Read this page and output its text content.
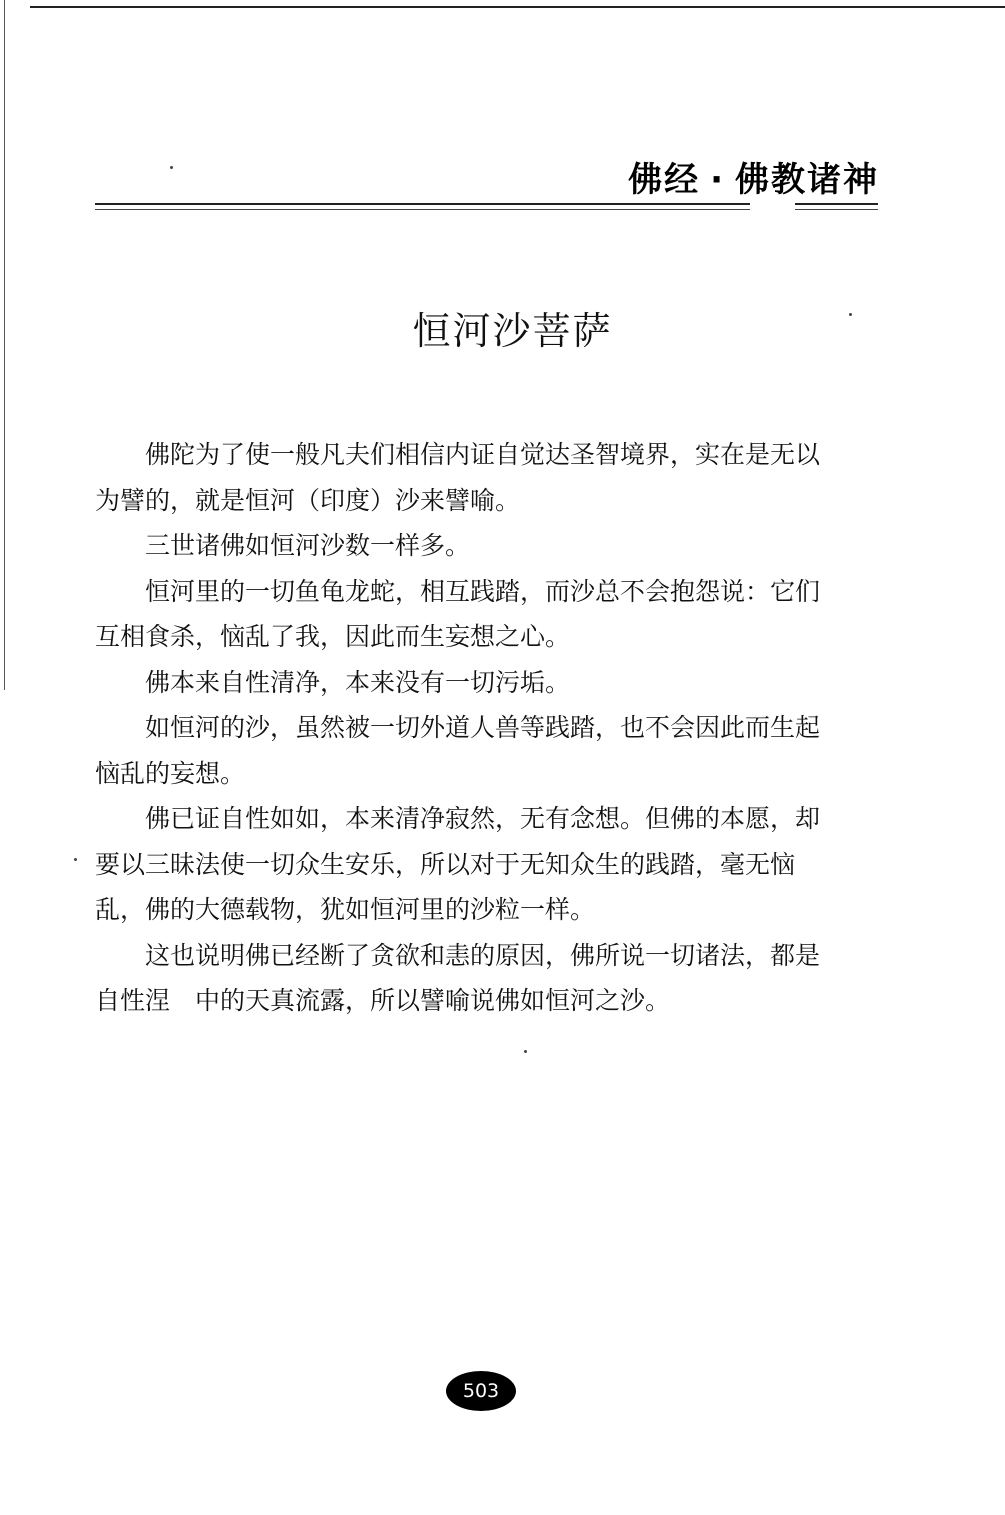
佛经 · 佛教诸神
恒河沙菩萨

佛陀为了使一般凡夫们相信内证自觉达圣智境界，实在是无以为譬的，就是恒河（印度）沙来譬喻。

三世诸佛如恒河沙数一样多。

恒河里的一切鱼龟龙蛇，相互践踏，而沙总不会抱怨说：它们互相食杀，恼乱了我，因此而生妄想之心。

佛本来自性清净，本来没有一切污垢。

如恒河的沙，虽然被一切外道人兽等践踏，也不会因此而生起恼乱的妄想。

佛已证自性如如，本来清净寂然，无有念想。但佛的本愿，却要以三昧法使一切众生安乐，所以对于无知众生的践踏，毫无恼乱，佛的大德载物，犹如恒河里的沙粒一样。

这也说明佛已经断了贪欲和恚的原因，佛所说一切诸法，都是自性涅　中的天真流露，所以譬喻说佛如恒河之沙。

503
